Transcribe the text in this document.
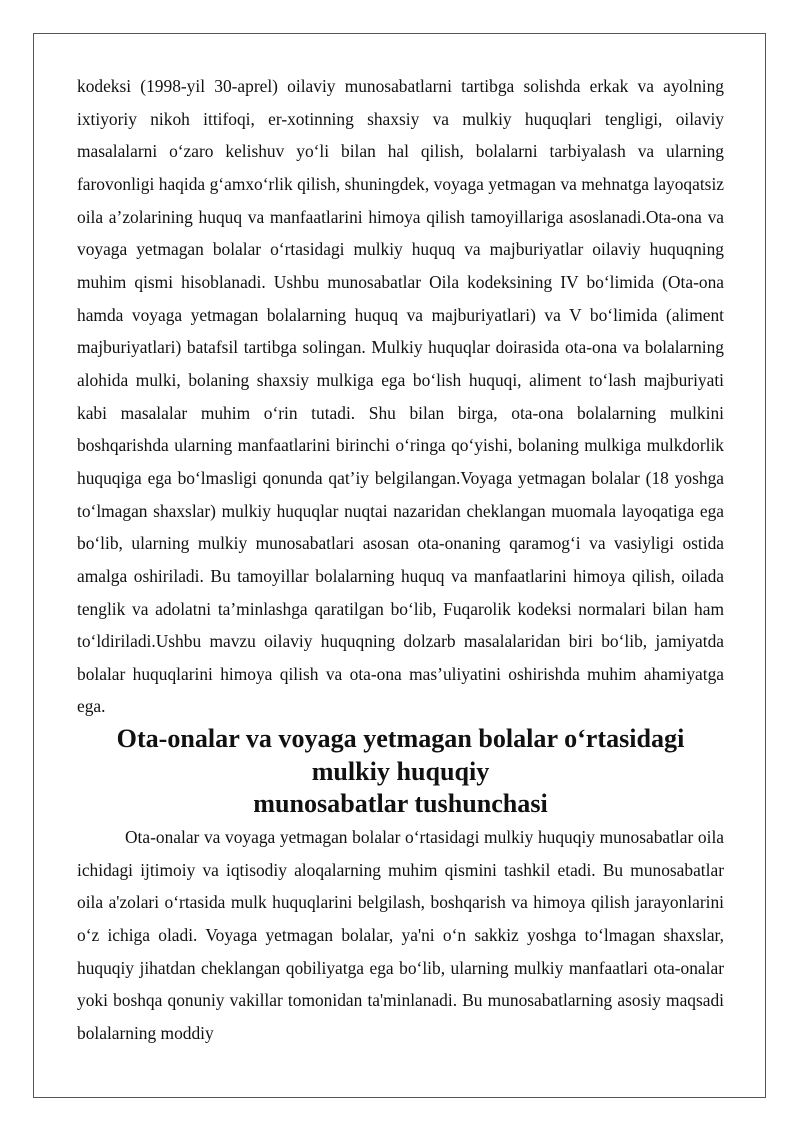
kodeksi (1998-yil 30-aprel) oilaviy munosabatlarni tartibga solishda erkak va ayolning ixtiyoriy nikoh ittifoqi, er-xotinning shaxsiy va mulkiy huquqlari tengligi, oilaviy masalalarni o‘zaro kelishuv yo‘li bilan hal qilish, bolalarni tarbiyalash va ularning farovonligi haqida g‘amxo‘rlik qilish, shuningdek, voyaga yetmagan va mehnatga layoqatsiz oila a’zolarining huquq va manfaatlarini himoya qilish tamoyillariga asoslanadi.Ota-ona va voyaga yetmagan bolalar o‘rtasidagi mulkiy huquq va majburiyatlar oilaviy huquqning muhim qismi hisoblanadi. Ushbu munosabatlar Oila kodeksining IV bo‘limida (Ota-ona hamda voyaga yetmagan bolalarning huquq va majburiyatlari) va V bo‘limida (aliment majburiyatlari) batafsil tartibga solingan. Mulkiy huquqlar doirasida ota-ona va bolalarning alohida mulki, bolaning shaxsiy mulkiga ega bo‘lish huquqi, aliment to‘lash majburiyati kabi masalalar muhim o‘rin tutadi. Shu bilan birga, ota-ona bolalarning mulkini boshqarishda ularning manfaatlarini birinchi o‘ringa qo‘yishi, bolaning mulkiga mulkdorlik huquqiga ega bo‘lmasligi qonunda qat’iy belgilangan.Voyaga yetmagan bolalar (18 yoshga to‘lmagan shaxslar) mulkiy huquqlar nuqtai nazaridan cheklangan muomala layoqatiga ega bo‘lib, ularning mulkiy munosabatlari asosan ota-onaning qaramog‘i va vasiyligi ostida amalga oshiriladi. Bu tamoyillar bolalarning huquq va manfaatlarini himoya qilish, oilada tenglik va adolatni ta’minlashga qaratilgan bo‘lib, Fuqarolik kodeksi normalari bilan ham to‘ldiriladi.Ushbu mavzu oilaviy huquqning dolzarb masalalaridan biri bo‘lib, jamiyatda bolalar huquqlarini himoya qilish va ota-ona mas’uliyatini oshirishda muhim ahamiyatga ega.

Ota-onalar va voyaga yetmagan bolalar o‘rtasidagi mulkiy huquqiy
munosabatlar tushunchasi

Ota-onalar va voyaga yetmagan bolalar o‘rtasidagi mulkiy huquqiy munosabatlar oila ichidagi ijtimoiy va iqtisodiy aloqalarning muhim qismini tashkil etadi. Bu munosabatlar oila a'zolari o‘rtasida mulk huquqlarini belgilash, boshqarish va himoya qilish jarayonlarini o‘z ichiga oladi. Voyaga yetmagan bolalar, ya'ni o‘n sakkiz yoshga to‘lmagan shaxslar, huquqiy jihatdan cheklangan qobiliyatga ega bo‘lib, ularning mulkiy manfaatlari ota-onalar yoki boshqa qonuniy vakillar tomonidan ta'minlanadi. Bu munosabatlarning asosiy maqsadi bolalarning moddiy
